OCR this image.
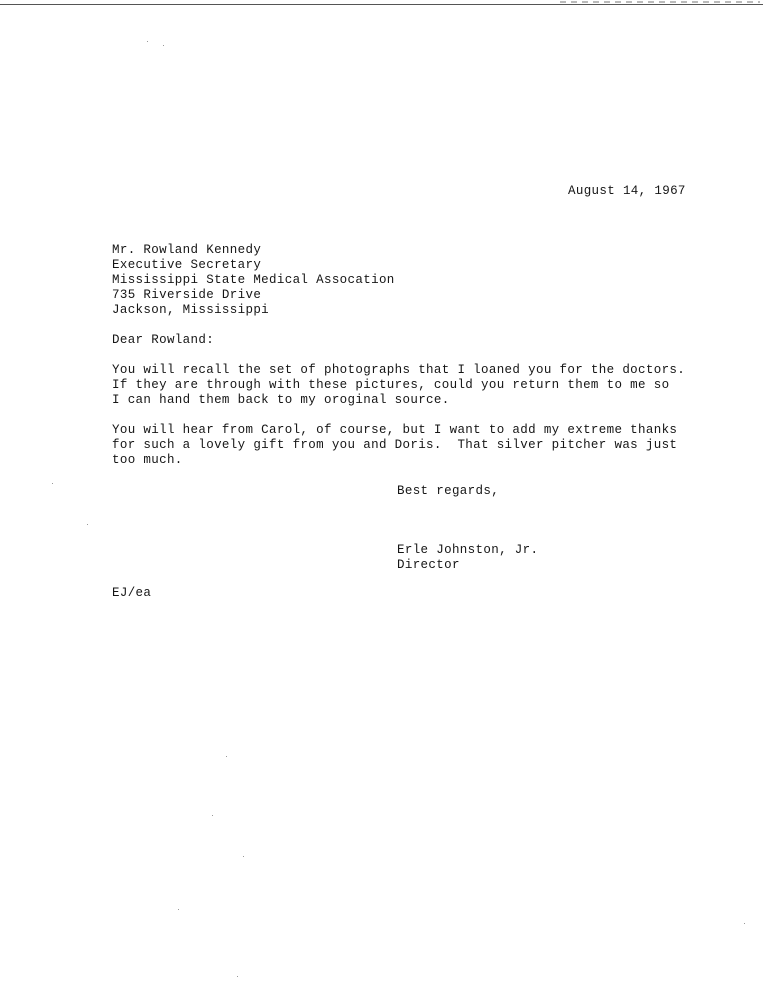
August 14, 1967
Mr. Rowland Kennedy
Executive Secretary
Mississippi State Medical Assocation
735 Riverside Drive
Jackson, Mississippi
Dear Rowland:
You will recall the set of photographs that I loaned you for the doctors.
If they are through with these pictures, could you return them to me so
I can hand them back to my oroginal source.
You will hear from Carol, of course, but I want to add my extreme thanks
for such a lovely gift from you and Doris.  That silver pitcher was just
too much.
Best regards,
Erle Johnston, Jr.
Director
EJ/ea
